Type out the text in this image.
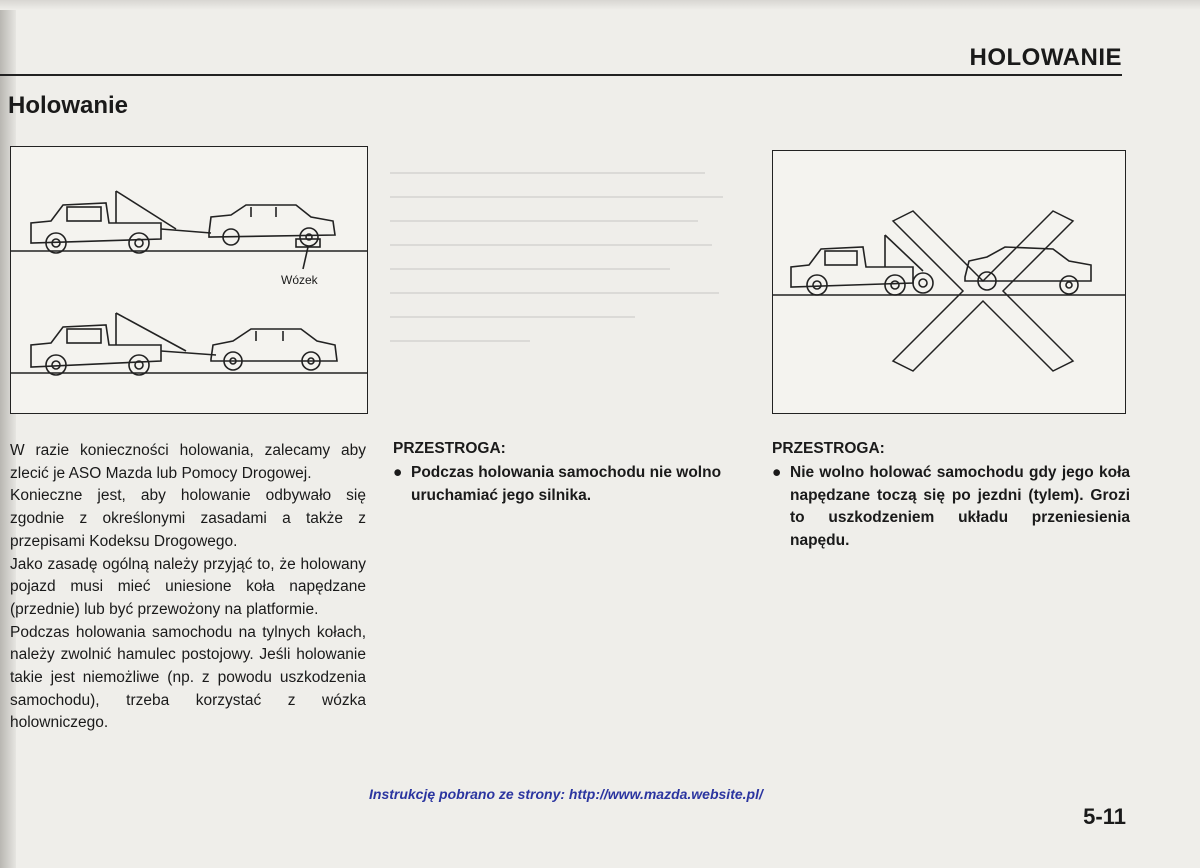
HOLOWANIE
Holowanie
Wózek

W razie konieczności holowania, zalecamy aby zlecić je ASO Mazda lub Pomocy Drogowej.

Konieczne jest, aby holowanie odbywało się zgodnie z określonymi zasadami a także z przepisami Kodeksu Drogowego.

Jako zasadę ogólną należy przyjąć to, że holowany pojazd musi mieć uniesione koła napędzane (przednie) lub być przewożony na platformie.

Podczas holowania samochodu na tylnych kołach, należy zwolnić hamulec postojowy. Jeśli holowanie takie jest niemożliwe (np. z powodu uszkodzenia samochodu), trzeba korzystać z wózka holowniczego.

PRZESTROGA:
● Podczas holowania samochodu nie wolno uruchamiać jego silnika.
PRZESTROGA:
● Nie wolno holować samochodu gdy jego koła napędzane toczą się po jezdni (tylem). Grozi to uszkodzeniem układu przeniesienia napędu.
Instrukcję pobrano ze strony: http://www.mazda.website.pl/
5-11
